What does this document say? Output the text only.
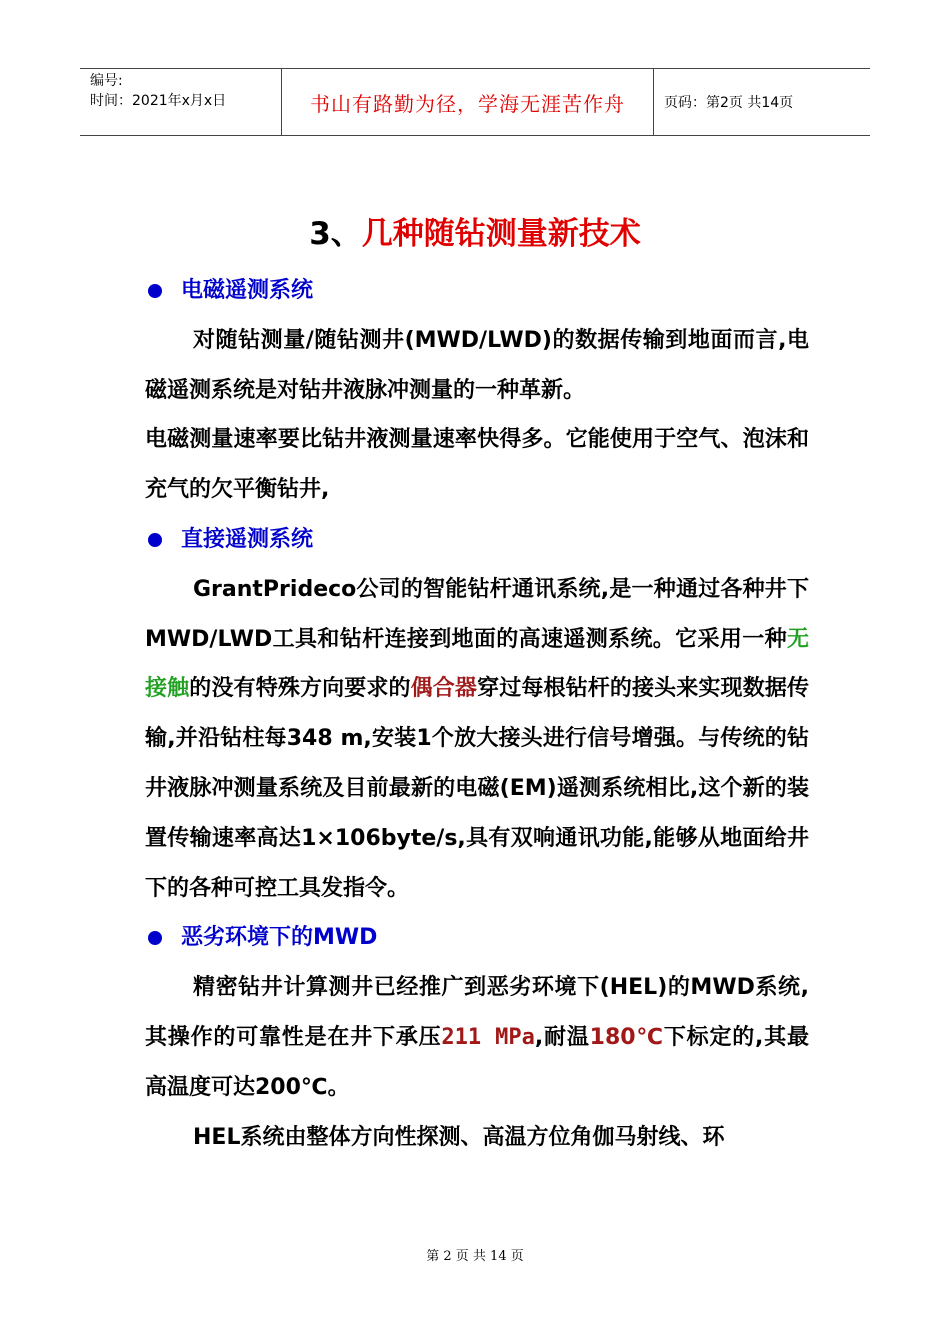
编号:
时间：2021年x月x日	书山有路勤为径，学海无涯苦作舟	页码：第2页 共14页
3、几种随钻测量新技术
电磁遥测系统

对随钻测量/随钻测井(MWD/LWD)的数据传输到地面而言,电磁遥测系统是对钻井液脉冲测量的一种革新。

电磁测量速率要比钻井液测量速率快得多。它能使用于空气、泡沫和充气的欠平衡钻井,

直接遥测系统

GrantPrideco公司的智能钻杆通讯系统,是一种通过各种井下MWD/LWD工具和钻杆连接到地面的高速遥测系统。它采用一种无接触的没有特殊方向要求的偶合器穿过每根钻杆的接头来实现数据传输,并沿钻柱每348 m,安装1个放大接头进行信号增强。与传统的钻井液脉冲测量系统及目前最新的电磁(EM)遥测系统相比,这个新的装置传输速率高达1×106byte/s,具有双响通讯功能,能够从地面给井下的各种可控工具发指令。

恶劣环境下的MWD

精密钻井计算测井已经推广到恶劣环境下(HEL)的MWD系统,其操作的可靠性是在井下承压211 MPa,耐温180℃下标定的,其最高温度可达200℃。

HEL系统由整体方向性探测、高温方位角伽马射线、环

第 2 页 共 14 页
